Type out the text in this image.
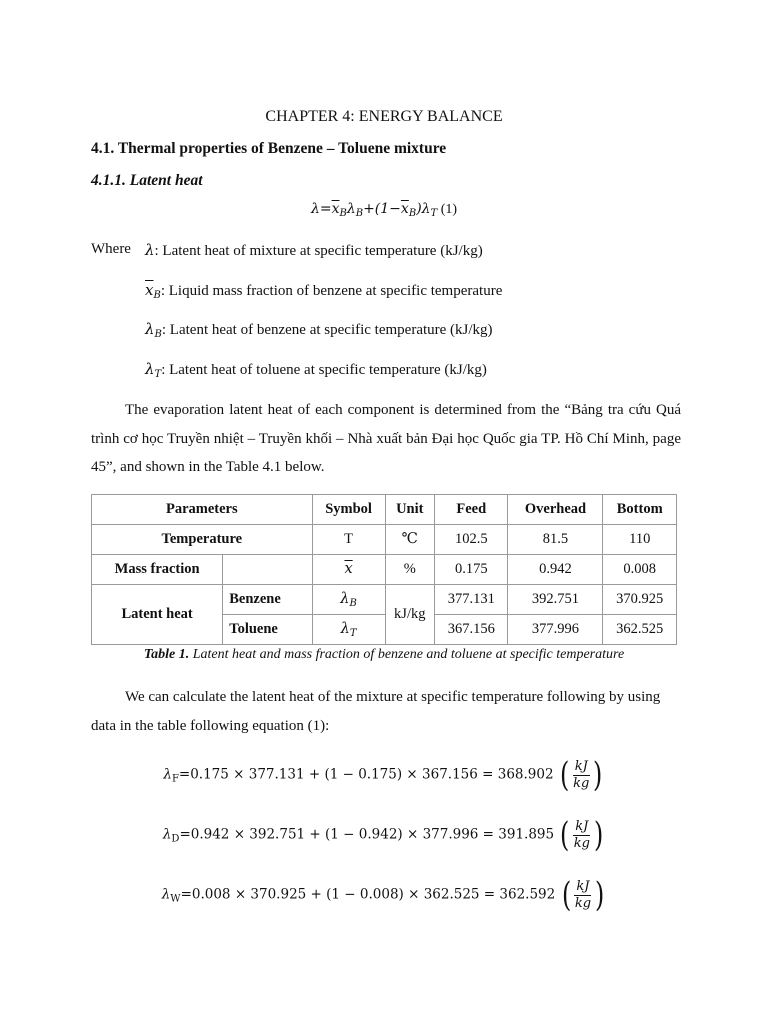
CHAPTER 4: ENERGY BALANCE
4.1. Thermal properties of Benzene – Toluene mixture
4.1.1. Latent heat
$\lambda=\overline{x}_B\lambda_B+(1-\overline{x}_B)\lambda_T$ (1)
Where λ: Latent heat of mixture at specific temperature (kJ/kg)
$\overline{x}_B$: Liquid mass fraction of benzene at specific temperature
$\lambda_B$: Latent heat of benzene at specific temperature (kJ/kg)
$\lambda_T$: Latent heat of toluene at specific temperature (kJ/kg)
The evaporation latent heat of each component is determined from the “Bảng tra cứu Quá trình cơ học Truyền nhiệt – Truyền khối – Nhà xuất bản Đại học Quốc gia TP. Hồ Chí Minh, page 45”, and shown in the Table 4.1 below.
Parameters		Symbol	Unit	Feed	Overhead	Bottom
Temperature		T	℃	102.5	81.5	110
Mass fraction		$\overline{x}$	%	0.175	0.942	0.008
Latent heat	Benzene	$\lambda_B$	kJ/kg	377.131	392.751	370.925
	Toluene	$\lambda_T$		367.156	377.996	362.525
Table 1. Latent heat and mass fraction of benzene and toluene at specific temperature
We can calculate the latent heat of the mixture at specific temperature following by using data in the table following equation (1):
$\lambda_F=0.175 \times 377.131 + (1 - 0.175) \times 367.156 = 368.902$ ( $\frac{kJ}{kg}$ )
$\lambda_D=0.942 \times 392.751 + (1 - 0.942) \times 377.996 = 391.895$ ( $\frac{kJ}{kg}$ )
$\lambda_W=0.008 \times 370.925 + (1 - 0.008) \times 362.525 = 362.592$ ( $\frac{kJ}{kg}$ )
